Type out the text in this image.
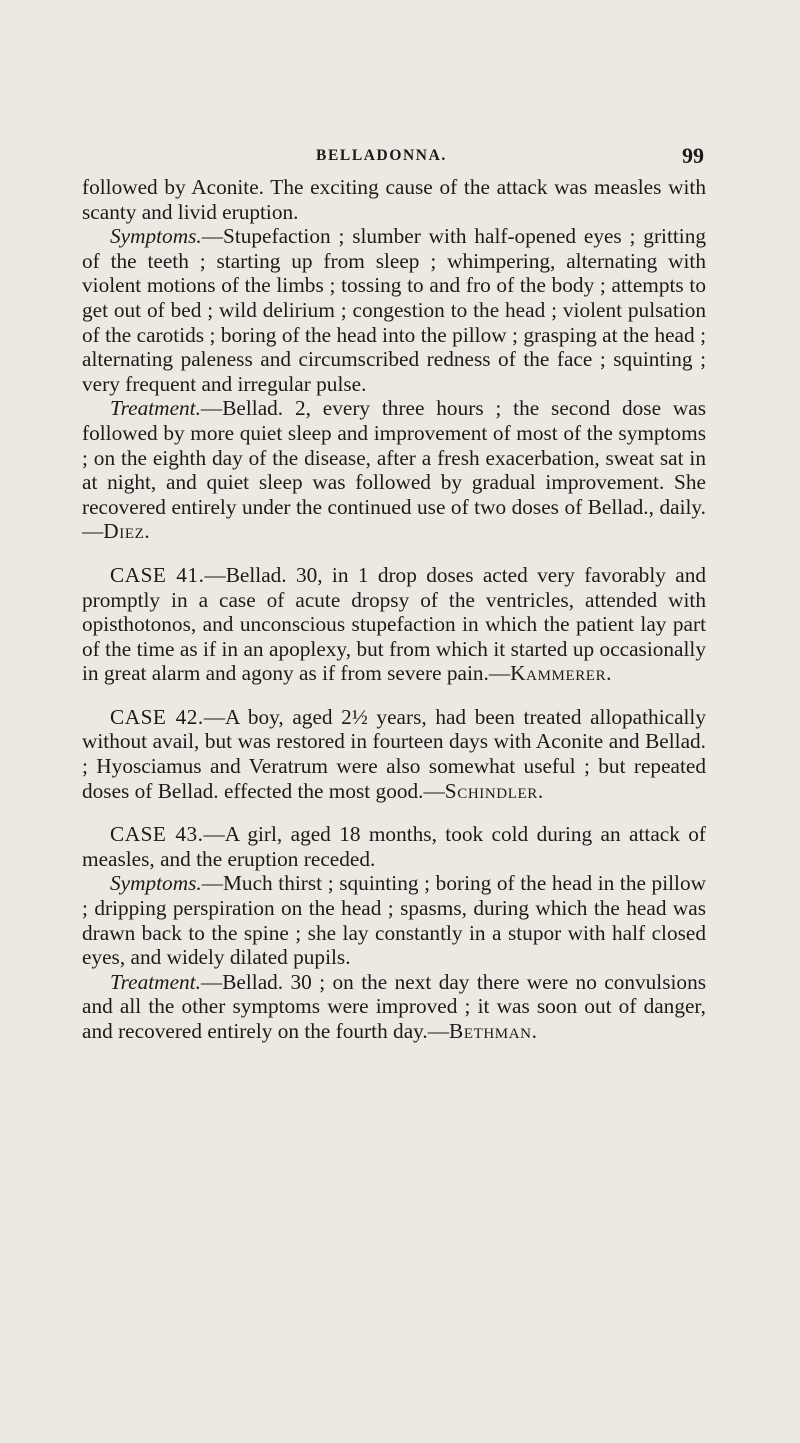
BELLADONNA.	99

followed by Aconite. The exciting cause of the attack was measles with scanty and livid eruption.

Symptoms.—Stupefaction ; slumber with half-opened eyes ; gritting of the teeth ; starting up from sleep ; whimpering, alternating with violent motions of the limbs ; tossing to and fro of the body ; attempts to get out of bed ; wild delirium ; congestion to the head ; violent pulsation of the carotids ; boring of the head into the pillow ; grasping at the head ; alternating paleness and circumscribed redness of the face ; squinting ; very frequent and irregular pulse.

Treatment.—Bellad. 2, every three hours ; the second dose was followed by more quiet sleep and improvement of most of the symptoms ; on the eighth day of the disease, after a fresh exacerbation, sweat sat in at night, and quiet sleep was followed by gradual improvement. She recovered entirely under the continued use of two doses of Bellad., daily.—Diez.

CASE 41.—Bellad. 30, in 1 drop doses acted very favorably and promptly in a case of acute dropsy of the ventricles, attended with opisthotonos, and unconscious stupefaction in which the patient lay part of the time as if in an apoplexy, but from which it started up occasionally in great alarm and agony as if from severe pain.—Kammerer.

CASE 42.—A boy, aged 2½ years, had been treated allopathically without avail, but was restored in fourteen days with Aconite and Bellad. ; Hyosciamus and Veratrum were also somewhat useful ; but repeated doses of Bellad. effected the most good.—Schindler.

CASE 43.—A girl, aged 18 months, took cold during an attack of measles, and the eruption receded.

Symptoms.—Much thirst ; squinting ; boring of the head in the pillow ; dripping perspiration on the head ; spasms, during which the head was drawn back to the spine ; she lay constantly in a stupor with half closed eyes, and widely dilated pupils.

Treatment.—Bellad. 30 ; on the next day there were no convulsions and all the other symptoms were improved ; it was soon out of danger, and recovered entirely on the fourth day.—Bethman.
